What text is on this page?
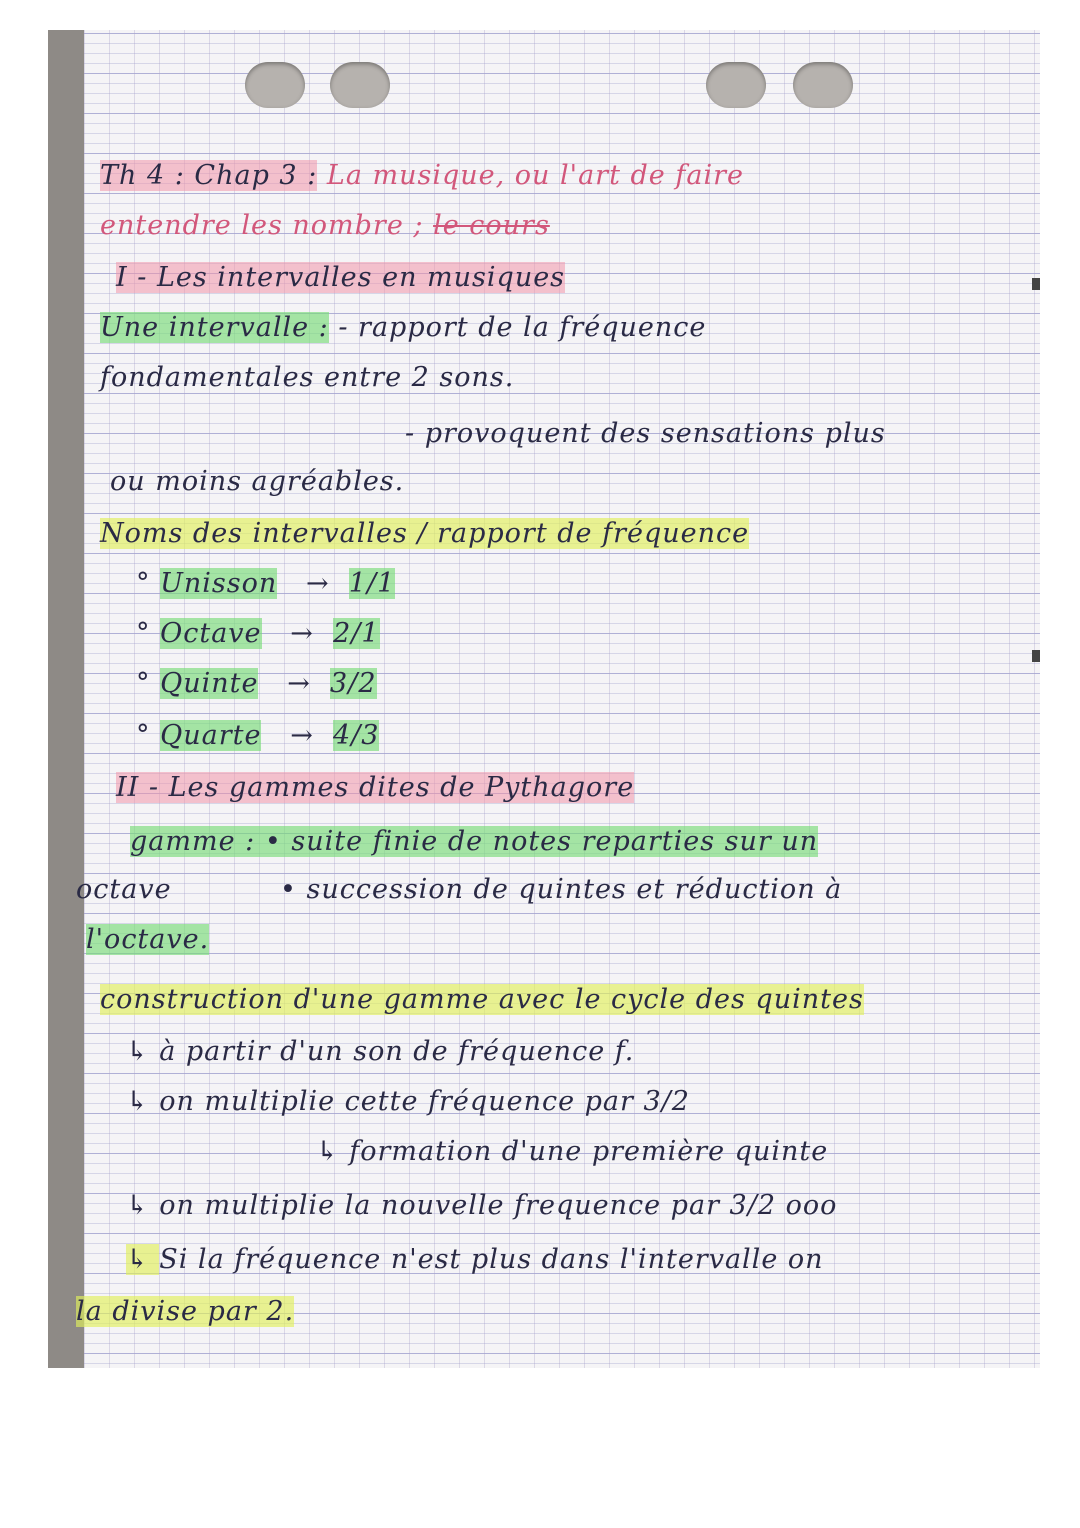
Th 4 : Chap 3 : La musique, ou l'art de faire
entendre les nombre ; le cours
I - Les intervalles en musiques
Une intervalle : - rapport de la fréquence
fondamentales entre 2 sons.
- provoquent des sensations plus
ou moins agréables.
Noms des intervalles / rapport de fréquence
° Unisson   →  1/1
° Octave   →  2/1
° Quinte   →  3/2
° Quarte   →  4/3
II - Les gammes dites de Pythagore
gamme : • suite finie de notes reparties sur un
octave	• succession de quintes et réduction à
l'octave.
construction d'une gamme avec le cycle des quintes
↳ à partir d'un son de fréquence f.
↳ on multiplie cette fréquence par 3/2
↳ formation d'une première quinte
↳ on multiplie la nouvelle frequence par 3/2 ooo
↳ Si la fréquence n'est plus dans l'intervalle on
la divise par 2.
